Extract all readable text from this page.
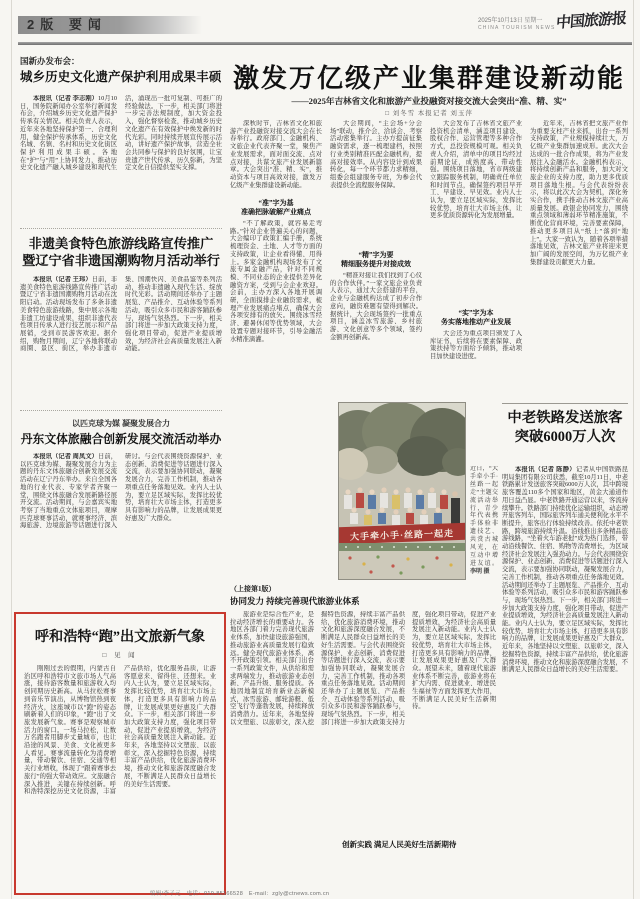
2版 要闻	2025年10月13日 星期一
CHINA TOURISM NEWS 中国旅游报
国新办发布会：
城乡历史文化遗产保护利用成果丰硕
本报讯（记者 李志刚）10月10日，国务院新闻办公室举行新闻发布会，介绍城乡历史文化遗产保护传承有关情况。相关负责人表示，近年来各地坚持保护第一、合理利用，健全保护传承体系，历史文化名城、名镇、名村和历史文化街区保护利用成果丰硕。各地在“护”与“用”上协同发力，推动历史文化遗产融入城乡建设和现代生活，涌现出一批可复制、可推广的经验做法。下一步，相关部门将进一步完善法规制度，加大资金投入，强化督察检查，推动城乡历史文化遗产在有效保护中焕发新的时代光彩。同时持续开展宣传展示活动，讲好遗产保护故事，营造全社会共同参与保护的良好氛围，让宝贵遗产世代传承、历久弥新，为坚定文化自信提供坚实支撑。
非遗美食特色旅游线路宣传推广
暨辽宁省非遗国潮购物月活动举行
本报讯（记者 王玮）日前，非遗美食特色旅游线路宣传推广活动暨辽宁省非遗国潮购物月活动在沈阳启动。活动现场发布了多条非遗美食特色旅游线路，集中展示各地非遗工坊建设成果，组织非遗代表性项目传承人进行技艺展示和产品展销，受到市民游客欢迎。据介绍，购物月期间，辽宁各地将联动商圈、景区、街区，举办非遗市集、国潮快闪、美食品鉴等系列活动，推动非遗融入现代生活、绽放时代光彩。活动期间还举办了主题展览、产品推介、互动体验等系列活动，吸引众多市民和游客踊跃参与，现场气氛热烈。下一步，相关部门将进一步加大政策支持力度，强化项目带动，促进产业提质增效，为经济社会高质量发展注入新动能。
以匹克球为媒 凝聚发展合力
丹东文体旅融合创新发展交流活动举办
本报讯（记者 周凤文）日前，以匹克球为媒、凝聚发展合力为主题的丹东文体旅融合创新发展交流活动在辽宁丹东举办。来自全国各地的行业代表、专家学者齐聚一堂，围绕文体旅融合发展新路径展开交流。活动期间，与会嘉宾实地考察了当地重点文体旅项目，观摩匹克球赛事活动，就赛事经济、滨海旅游、边境旅游等话题进行深入研讨。与会代表围绕资源保护、业态创新、消费促进等话题进行深入交流，表示要加强协同联动，凝聚发展合力，完善工作机制，推动各项重点任务落地见效。业内人士认为，要立足区域实际，发挥比较优势，培育壮大市场主体，打造更多具有影响力的品牌，让发展成果更好惠及广大群众。
呼和浩特“跑”出文旅新气象
□ 见 闻
刚刚过去的假期，内蒙古自治区呼和浩特市文旅市场人气高涨，接待游客数量和旅游收入均创同期历史新高。从马拉松赛事到音乐节演出，从博物馆热到夜经济火，这座城市以“跑”的姿态刷新着人们的印象，“跑”出了文旅发展新气象。赛事是观察城市活力的窗口。一场马拉松，让数万名跑者用脚步丈量城市，也让沿途的风景、美食、文化被更多人看见。赛事流量转化为消费增量，带动餐饮、住宿、交通等相关行业增收，体现了“跟着赛事去旅行”的强大带动效应。文旅融合深入推进，关键在持续创新。呼和浩特深挖历史文化资源，丰富产品供给，优化服务品质，让游客愿意来、留得住、还想来。业内人士认为，要立足区域实际，发挥比较优势，培育壮大市场主体，打造更多具有影响力的品牌，让发展成果更好惠及广大群众。下一步，相关部门将进一步加大政策支持力度，强化项目带动，促进产业提质增效，为经济社会高质量发展注入新动能。近年来，各地坚持以文塑旅、以旅彰文，深入挖掘特色资源，持续丰富产品供给，优化旅游消费环境，推动文化和旅游深度融合发展，不断满足人民群众日益增长的美好生活需要。
激发万亿级产业集群建设新动能
——2025年吉林省文化和旅游产业投融资对接交流大会突出“准、精、实”
□ 刘冬雪 本报记者 刘玉萍
深秋时节，吉林省文化和旅游产业投融资对接交流大会在长春举行。政府部门、金融机构、文旅企业代表齐聚一堂，聚焦产业发展需求，面对面交流、点对点对接，共谋文旅产业发展新篇章。大会突出“准、精、实”，推动资本与项目高效对接，激发万亿级产业集群建设新动能。
“准”字为基
准确把脉破解产业痛点
“不了解政策，就容易走弯路。”针对企业普遍关心的问题，大会编印了政策汇编手册，系统梳理资金、土地、人才等方面的支持政策，让企业看得懂、用得上。多家金融机构现场发布了文旅专属金融产品，针对不同规模、不同业态的企业提供差异化融资方案，受到与会企业欢迎。会前，主办方深入各地开展调研，全面摸排企业融资需求，梳理产业发展痛点堵点，确保大会各项安排有的放矢。围绕冰雪经济、避暑休闲等优势领域，大会设置专题对接环节，引导金融活水精准滴灌。
大会期间，“主会场+分会场”联动，推介会、洽谈会、考察活动密集举行。主办方提前征集融资需求，逐一梳理建档，按照行业类别精准匹配金融机构，提高对接效率。从内容设计到成果转化，每一个环节都力求精细，组委会组建服务专班，为参会代表提供全流程服务保障。
“精”字为要
精细服务提升对接成效
“精准对接让我们找到了心仪的合作伙伴。”一家文旅企业负责人表示，通过大会搭建的平台，企业与金融机构达成了初步合作意向，融资难题有望得到解决。据统计，大会现场签约一批重点项目，涵盖冰雪旅游、乡村旅游、文化创意等多个领域，签约金额再创新高。
大会发布了吉林省文旅产业投资机会清单，涵盖项目建设、股权合作、运营管理等多种合作方式，总投资规模可观。相关负责人介绍，清单中的项目均经过前期论证，成熟度高、带动性强。围绕项目落地，省市两级建立跟踪服务机制，明确责任单位和时间节点，确保签约项目早开工、早建设、早见效。业内人士认为，要立足区域实际，发挥比较优势，培育壮大市场主体，让更多优质资源转化为发展增量。
“实”字为本
务实落地推动产业发展
大会还为重点项目颁发了入库证书，后续将在要素保障、政策扶持等方面给予倾斜，推动项目加快建设进度。
近年来，吉林省把文旅产业作为重要支柱产业来抓，出台一系列支持政策，产业规模持续壮大，万亿级产业集群加速成形。此次大会达成的一批合作成果，将为产业发展注入金融活水。金融机构表示，将持续创新产品和服务，加大对文旅企业的支持力度，助力更多优质项目落地生根。与会代表纷纷表示，将以此次大会为契机，深化务实合作，携手推动吉林文旅产业高质量发展。政银企协同发力，围绕重点领域和薄弱环节精准施策，不断优化营商环境，完善要素保障，推动更多项目从“纸上”落到“地上”。大家一致认为，随着各项举措落地见效，吉林文旅产业将迎来更加广阔的发展空间，为万亿级产业集群建设贡献更大力量。
大手牵小手·丝路一起走
近日，“大手牵小手·丝路一起走”主题交流活动举行，青少年代表携手体验非遗技艺、共赏古城风光，在互动中增进友谊。 李明 摄
中老铁路发送旅客
突破6000万人次
本报讯（记者 陈静）记者从中国铁路昆明局集团有限公司获悉，截至10月11日，中老铁路累计发送旅客突破6000万人次，其中跨境旅客覆盖110多个国家和地区，黄金大通道作用日益凸显。中老铁路开通运营以来，客流持续攀升。铁路部门持续优化运输组织，动态增开旅客列车，国际旅客列车通关便利化水平不断提升，旅客出行体验持续改善。依托中老铁路，跨境旅游持续升温。沿线推出多条精品旅游线路，“坐着火车游老挝”成为热门选择，带动沿线餐饮、住宿、购物等消费增长，为区域经济社会发展注入强劲动力。与会代表围绕资源保护、业态创新、消费促进等话题进行深入交流，表示要加强协同联动，凝聚发展合力，完善工作机制，推动各项重点任务落地见效。活动期间还举办了主题展览、产品推介、互动体验等系列活动，吸引众多市民和游客踊跃参与，现场气氛热烈。下一步，相关部门将进一步加大政策支持力度，强化项目带动，促进产业提质增效，为经济社会高质量发展注入新动能。业内人士认为，要立足区域实际，发挥比较优势，培育壮大市场主体，打造更多具有影响力的品牌，让发展成果更好惠及广大群众。近年来，各地坚持以文塑旅、以旅彰文，深入挖掘特色资源，持续丰富产品供给，优化旅游消费环境，推动文化和旅游深度融合发展，不断满足人民群众日益增长的美好生活需要。
（上接第1版）
协同发力 持续完善现代旅游业体系
旅游业是综合性产业，是拉动经济增长的重要动力。各地区各部门着力完善现代旅游业体系，加快建设旅游强国，推动旅游业高质量发展行稳致远。健全现代旅游业体系，离不开政策引领。相关部门出台一系列政策文件，从供给和需求两端发力，推动旅游业态创新、产品升级、服务提质。各地因地制宜培育新业态新模式，冰雪旅游、邮轮游艇、低空飞行等蓬勃发展，持续释放消费潜力。近年来，各地坚持以文塑旅、以旅彰文，深入挖掘特色资源，持续丰富产品供给，优化旅游消费环境，推动文化和旅游深度融合发展，不断满足人民群众日益增长的美好生活需要。与会代表围绕资源保护、业态创新、消费促进等话题进行深入交流，表示要加强协同联动，凝聚发展合力，完善工作机制，推动各项重点任务落地见效。活动期间还举办了主题展览、产品推介、互动体验等系列活动，吸引众多市民和游客踊跃参与，现场气氛热烈。下一步，相关部门将进一步加大政策支持力度，强化项目带动，促进产业提质增效，为经济社会高质量发展注入新动能。业内人士认为，要立足区域实际，发挥比较优势，培育壮大市场主体，打造更多具有影响力的品牌，让发展成果更好惠及广大群众。展望未来，随着现代旅游业体系不断完善，旅游业将在扩大内需、促进就业、增进民生福祉等方面发挥更大作用，不断满足人民美好生活新期待。
创新实践 满足人民美好生活新期待
编辑/李子元　电话：010-85166528　E-mail：zgly@ctnews.com.cn
